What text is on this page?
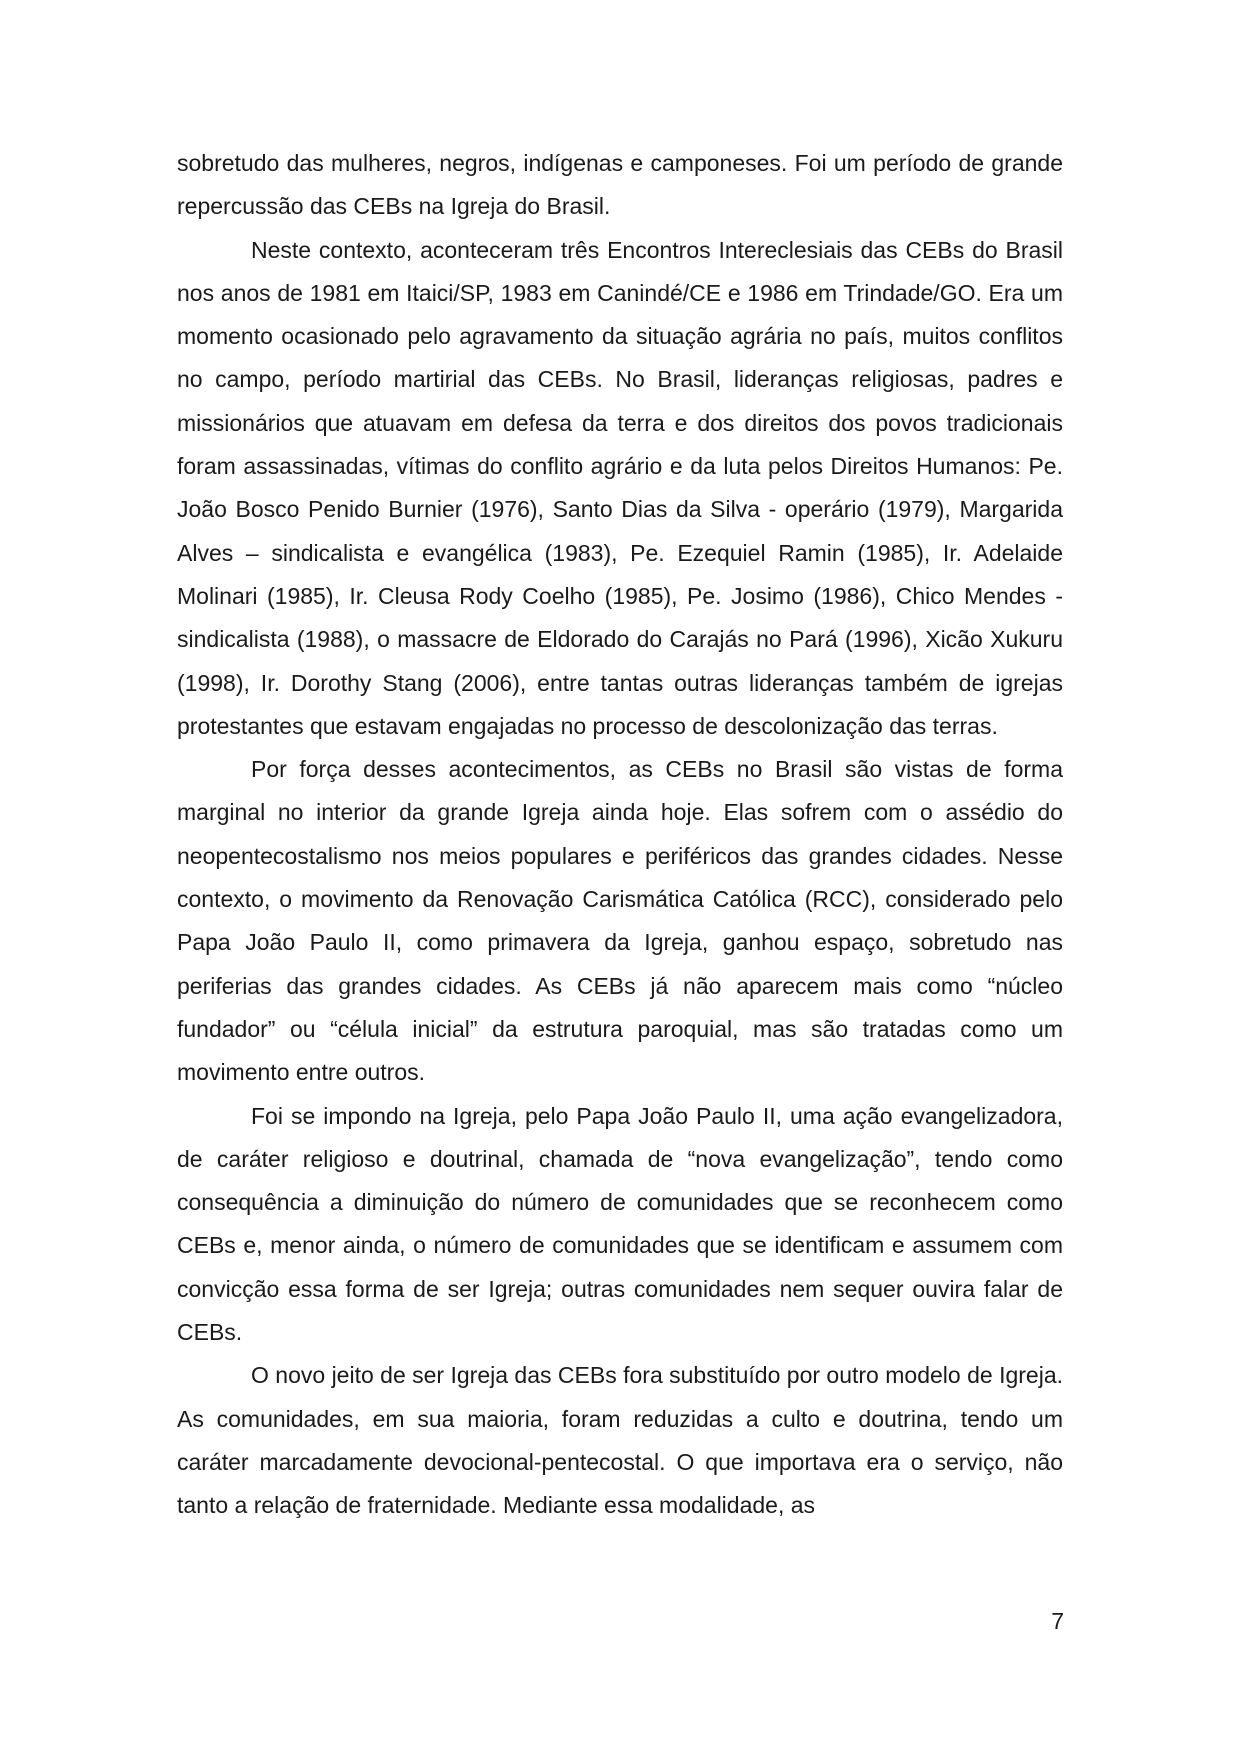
sobretudo das mulheres, negros, indígenas e camponeses. Foi um período de grande repercussão das CEBs na Igreja do Brasil.

Neste contexto, aconteceram três Encontros Intereclesiais das CEBs do Brasil nos anos de 1981 em Itaici/SP, 1983 em Canindé/CE e 1986 em Trindade/GO. Era um momento ocasionado pelo agravamento da situação agrária no país, muitos conflitos no campo, período martirial das CEBs. No Brasil, lideranças religiosas, padres e missionários que atuavam em defesa da terra e dos direitos dos povos tradicionais foram assassinadas, vítimas do conflito agrário e da luta pelos Direitos Humanos: Pe. João Bosco Penido Burnier (1976), Santo Dias da Silva - operário (1979), Margarida Alves – sindicalista e evangélica (1983), Pe. Ezequiel Ramin (1985), Ir. Adelaide Molinari (1985), Ir. Cleusa Rody Coelho (1985), Pe. Josimo (1986), Chico Mendes - sindicalista (1988), o massacre de Eldorado do Carajás no Pará (1996), Xicão Xukuru (1998), Ir. Dorothy Stang (2006), entre tantas outras lideranças também de igrejas protestantes que estavam engajadas no processo de descolonização das terras.

Por força desses acontecimentos, as CEBs no Brasil são vistas de forma marginal no interior da grande Igreja ainda hoje. Elas sofrem com o assédio do neopentecostalismo nos meios populares e periféricos das grandes cidades. Nesse contexto, o movimento da Renovação Carismática Católica (RCC), considerado pelo Papa João Paulo II, como primavera da Igreja, ganhou espaço, sobretudo nas periferias das grandes cidades. As CEBs já não aparecem mais como “núcleo fundador” ou “célula inicial” da estrutura paroquial, mas são tratadas como um movimento entre outros.

Foi se impondo na Igreja, pelo Papa João Paulo II, uma ação evangelizadora, de caráter religioso e doutrinal, chamada de “nova evangelização”, tendo como consequência a diminuição do número de comunidades que se reconhecem como CEBs e, menor ainda, o número de comunidades que se identificam e assumem com convicção essa forma de ser Igreja; outras comunidades nem sequer ouvira falar de CEBs.

O novo jeito de ser Igreja das CEBs fora substituído por outro modelo de Igreja. As comunidades, em sua maioria, foram reduzidas a culto e doutrina, tendo um caráter marcadamente devocional-pentecostal. O que importava era o serviço, não tanto a relação de fraternidade. Mediante essa modalidade, as

7
